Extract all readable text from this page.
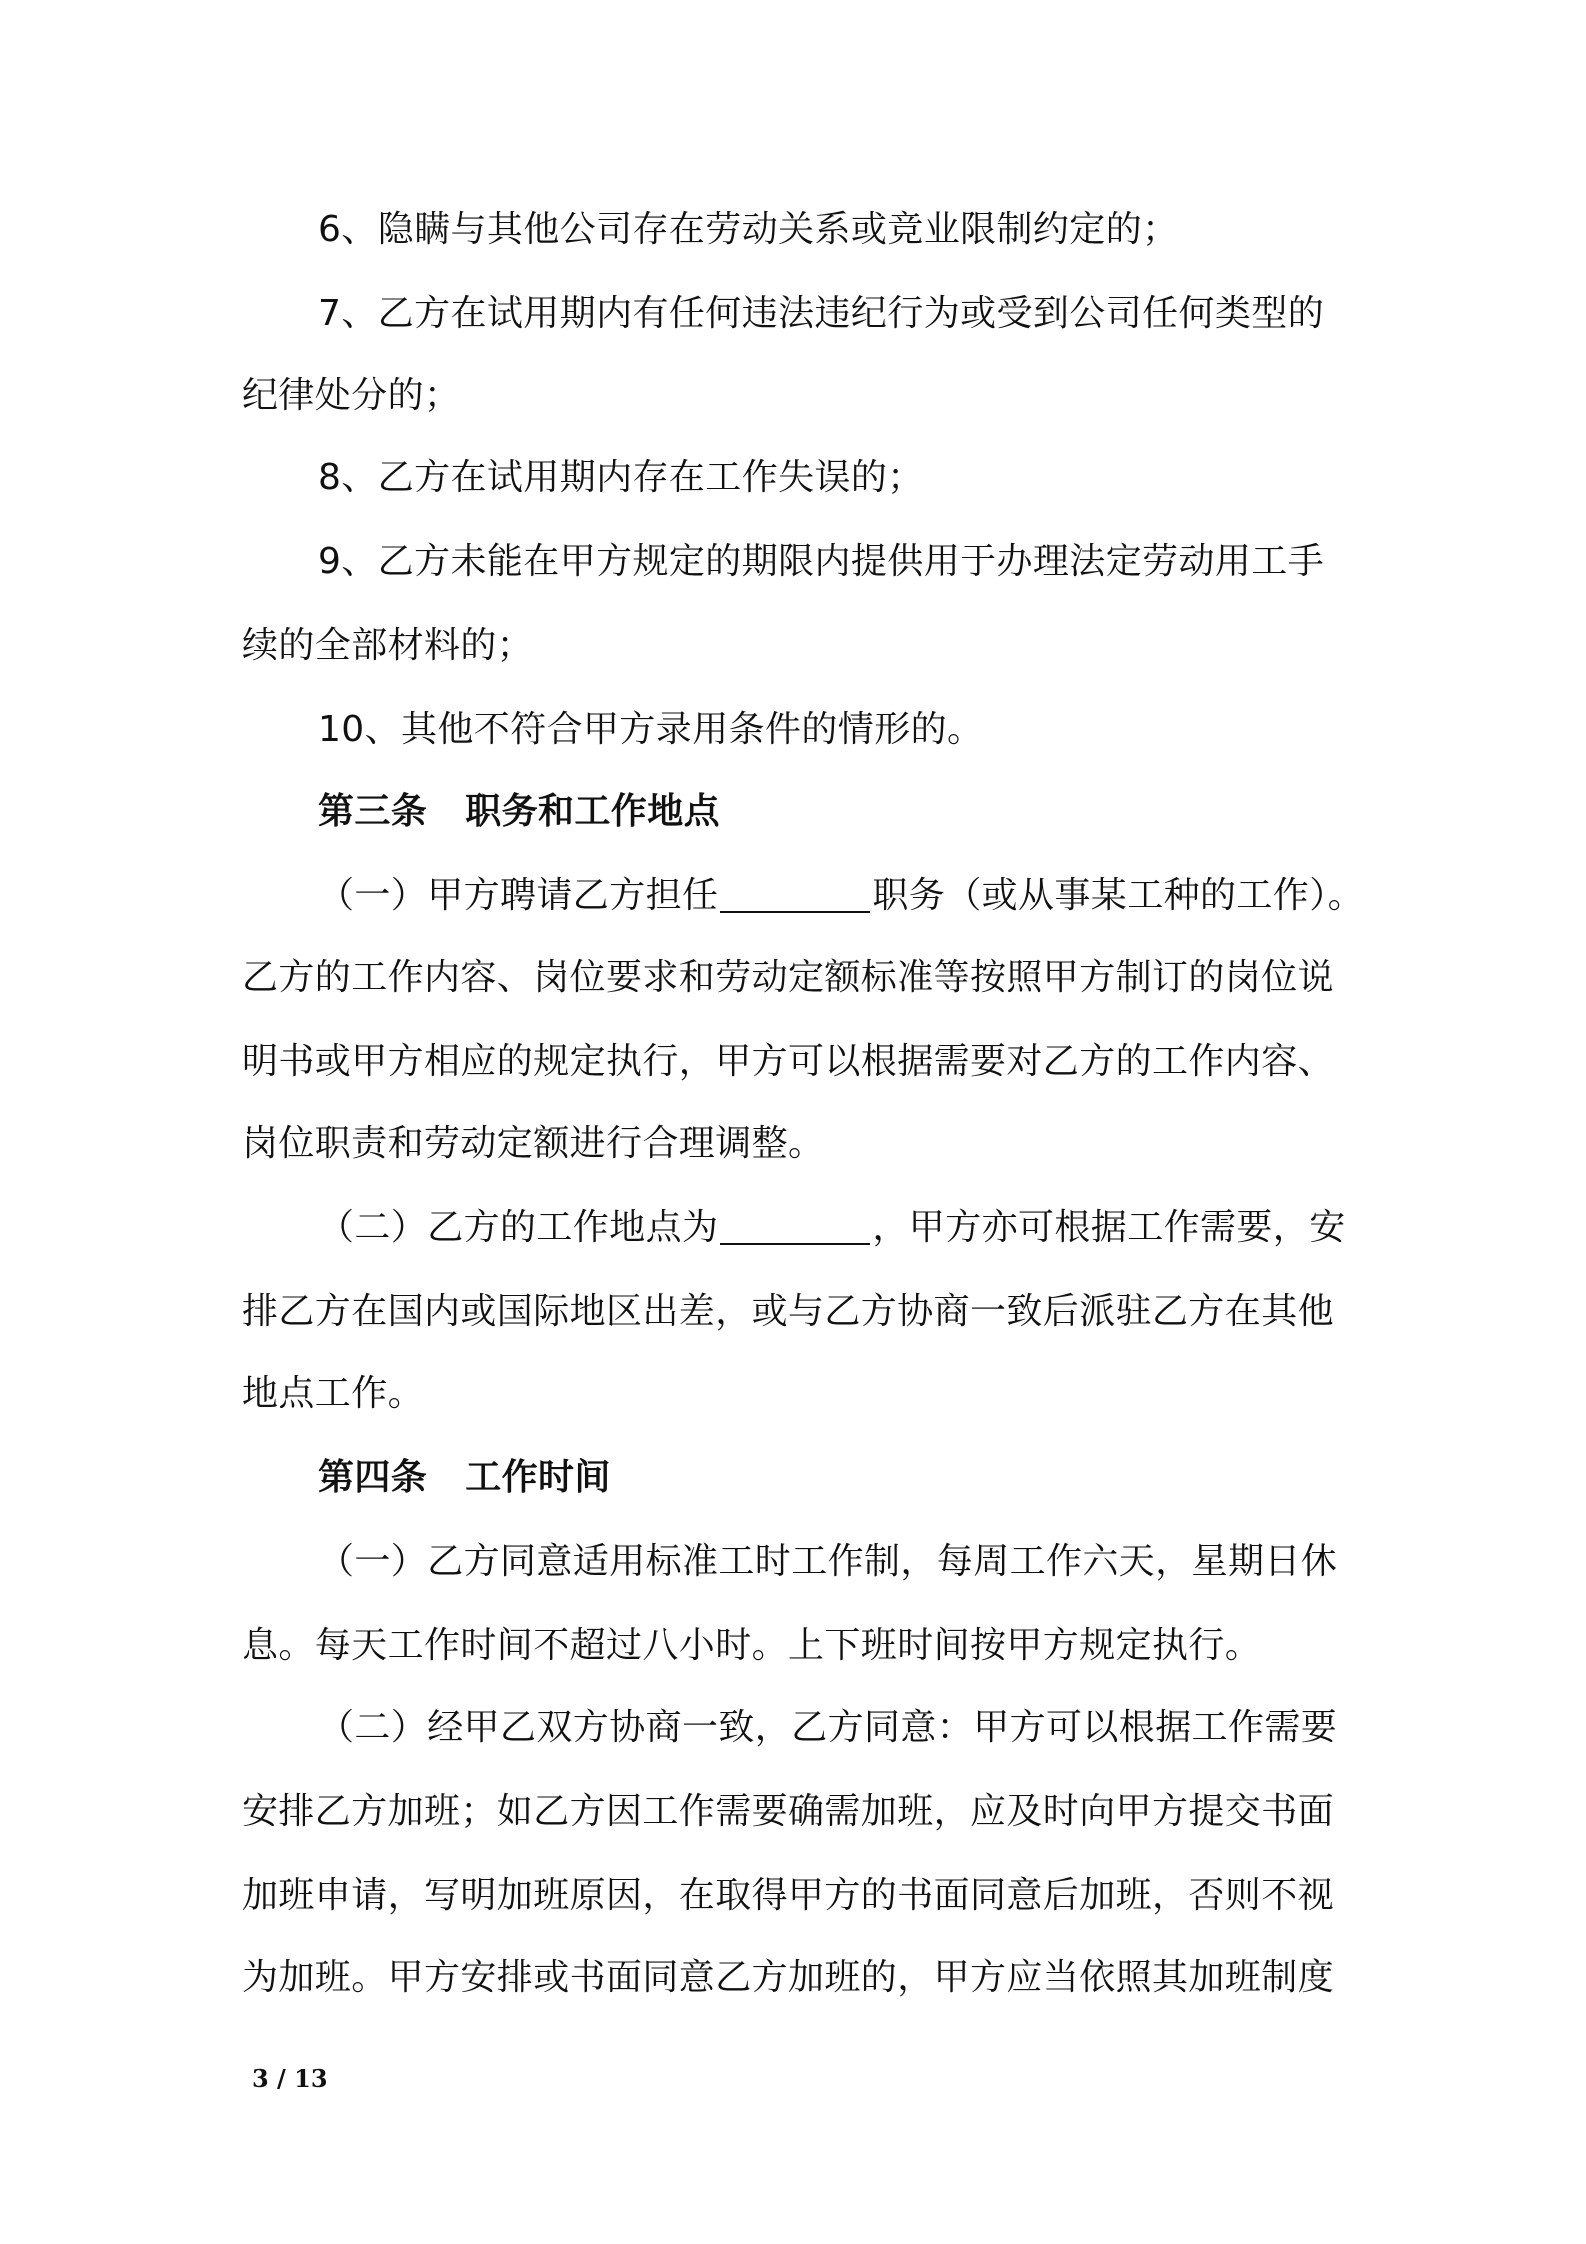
6、隐瞒与其他公司存在劳动关系或竞业限制约定的；
7、乙方在试用期内有任何违法违纪行为或受到公司任何类型的
纪律处分的；
8、乙方在试用期内存在工作失误的；
9、乙方未能在甲方规定的期限内提供用于办理法定劳动用工手
续的全部材料的；
10、其他不符合甲方录用条件的情形的。
第三条 职务和工作地点
（一）甲方聘请乙方担任	职务（或从事某工种的工作）。
乙方的工作内容、岗位要求和劳动定额标准等按照甲方制订的岗位说
明书或甲方相应的规定执行，甲方可以根据需要对乙方的工作内容、
岗位职责和劳动定额进行合理调整。
（二）乙方的工作地点为	，甲方亦可根据工作需要，安
排乙方在国内或国际地区出差，或与乙方协商一致后派驻乙方在其他
地点工作。
第四条 工作时间
（一）乙方同意适用标准工时工作制，每周工作六天，星期日休
息。每天工作时间不超过八小时。上下班时间按甲方规定执行。
（二）经甲乙双方协商一致，乙方同意：甲方可以根据工作需要
安排乙方加班；如乙方因工作需要确需加班，应及时向甲方提交书面
加班申请，写明加班原因，在取得甲方的书面同意后加班，否则不视
为加班。甲方安排或书面同意乙方加班的，甲方应当依照其加班制度
3 / 13
